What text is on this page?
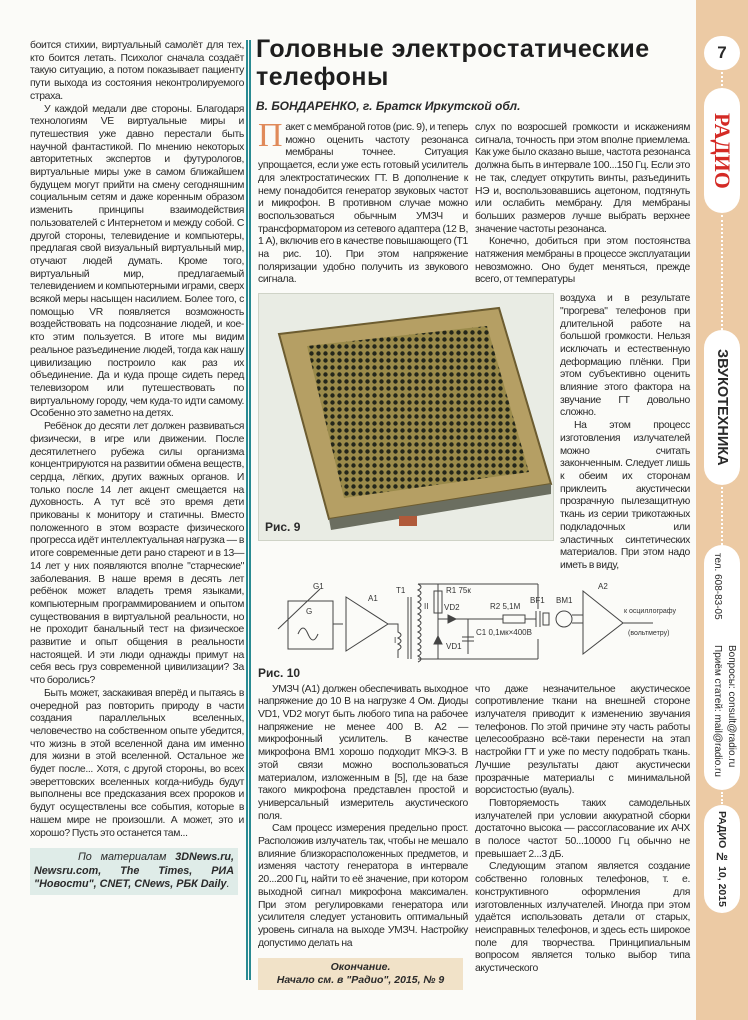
боится стихии, виртуальный самолёт для тех, кто боится летать. Психолог сначала создаёт такую ситуацию, а потом показывает пациенту пути выхода из состояния неконтролируемого страха.

У каждой медали две стороны. Благодаря технологиям VE виртуальные миры и путешествия уже давно перестали быть научной фантастикой. По мнению некоторых авторитетных экспертов и футурологов, виртуальные миры уже в самом ближайшем будущем могут прийти на смену сегодняшним социальным сетям и даже коренным образом изменить принципы взаимодействия пользователей с Интернетом и между собой. С другой стороны, телевидение и компьютеры, предлагая свой визуальный виртуальный мир, отучают людей думать. Кроме того, виртуальный мир, предлагаемый телевидением и компьютерными играми, сверх всякой меры насыщен насилием. Более того, с помощью VR появляется возможность воздействовать на подсознание людей, и кое-кто этим пользуется. В итоге мы видим реальное разъединение людей, тогда как нашу цивилизацию построило как раз их объединение. Да и куда проще сидеть перед телевизором или путешествовать по виртуальному городу, чем куда-то идти самому. Особенно это заметно на детях.

Ребёнок до десяти лет должен развиваться физически, в игре или движении. После десятилетнего рубежа силы организма концентрируются на развитии обмена веществ, сердца, лёгких, других важных органов. И только после 14 лет акцент смещается на духовность. А тут всё это время дети прикованы к монитору и статичны. Вместо положенного в этом возрасте физического прогресса идёт интеллектуальная нагрузка — в итоге современные дети рано стареют и в 13—14 лет у них появляются вполне "старческие" заболевания. В наше время в десять лет ребёнок может владеть тремя языками, компьютерным программированием и опытом существования в виртуальной реальности, но не проходит банальный тест на физическое развитие и опыт общения в реальности настоящей. И эти люди однажды примут на себя весь груз современной цивилизации? За что боролись?

Быть может, заскакивая вперёд и пытаясь в очередной раз повторить природу в части создания параллельных вселенных, человечество на собственном опыте убедится, что жизнь в этой вселенной дана им именно для жизни в этой вселенной. Остальное же будет после... Хотя, с другой стороны, во всех эвереттовских вселенных когда-нибудь будут выполнены все предсказания всех пророков и будут осуществлены все события, которые в нашем мире не произошли. А может, это и хорошо? Пусть это останется там...

По материалам 3DNews.ru, Newsru.com, The Times, РИА "Новости", CNET, CNews, РБК Daily.
Головные электростатические телефоны
В. БОНДАРЕНКО, г. Братск Иркутской обл.
П акет с мембраной готов (рис. 9), и теперь можно оценить частоту резонанса мембраны точнее. Ситуация упрощается, если уже есть готовый усилитель для электростатических ГТ. В дополнение к нему понадобится генератор звуковых частот и микрофон. В противном случае можно воспользоваться обычным УМЗЧ и трансформатором из сетевого адаптера (12 В, 1 А), включив его в качестве повышающего (Т1 на рис. 10). При этом напряжение поляризации удобно получить из звукового сигнала.

слух по возросшей громкости и искажениям сигнала, точность при этом вполне приемлема. Как уже было сказано выше, частота резонанса должна быть в интервале 100...150 Гц. Если это не так, следует открутить винты, разъединить НЭ и, воспользовавшись ацетоном, подтянуть или ослабить мембрану. Для мембраны больших размеров лучше выбрать верхнее значение частоты резонанса.

Конечно, добиться при этом постоянства натяжения мембраны в процессе эксплуатации невозможно. Оно будет меняться, прежде всего, от температуры

Рис. 9

воздуха и в результате "прогрева" телефонов при длительной работе на большой громкости. Нельзя исключать и естественную деформацию плёнки. При этом субъективно оценить влияние этого фактора на звучание ГТ довольно сложно.

На этом процесс изготовления излучателей можно считать законченным. Следует лишь к обеим их сторонам приклеить акустически прозрачную пылезащитную ткань из серии трикотажных подкладочных или эластичных синтетических материалов. При этом надо иметь в виду,

G1
G
A1
T1
I
II
R1 75к
VD2
VD1
R2 5,1М
C1 0,1мк×400В
BF1 BM1
A2
к осциллографу
(вольтметру)
Рис. 10

УМЗЧ (А1) должен обеспечивать выходное напряжение до 10 В на нагрузке 4 Ом. Диоды VD1, VD2 могут быть любого типа на рабочее напряжение не менее 400 В. А2 — микрофонный усилитель. В качестве микрофона ВМ1 хорошо подходит МКЭ-3. В этой связи можно воспользоваться материалом, изложенным в [5], где на базе такого микрофона представлен простой и универсальный измеритель акустического поля.

Сам процесс измерения предельно прост. Расположив излучатель так, чтобы не мешало влияние близкорасположенных предметов, и изменяя частоту генератора в интервале 20...200 Гц, найти то её значение, при котором выходной сигнал микрофона максимален. При этом регулировками генератора или усилителя следует установить оптимальный уровень сигнала на выходе УМЗЧ. Настройку допустимо делать на

Окончание.
Начало см. в "Радио", 2015, № 9

что даже незначительное акустическое сопротивление ткани на внешней стороне излучателя приводит к изменению звучания телефонов. По этой причине эту часть работы целесообразно всё-таки перенести на этап настройки ГТ и уже по месту подобрать ткань. Лучшие результаты дают акустически прозрачные материалы с минимальной ворсистостью (вуаль).

Повторяемость таких самодельных излучателей при условии аккуратной сборки достаточно высока — рассогласование их АЧХ в полосе частот 50...10000 Гц обычно не превышает 2...3 дБ.

Следующим этапом является создание собственно головных телефонов, т. е. конструктивного оформления для изготовленных излучателей. Иногда при этом удаётся использовать детали от старых, неисправных телефонов, и здесь есть широкое поле для творчества. Принципиальным вопросом является только выбор типа акустического

7
РАДИО
ЗВУКОТЕХНИКА
тел. 608-83-05
Приём статей: mail@radio.ru Вопросы: consult@radio.ru
РАДИО № 10, 2015
